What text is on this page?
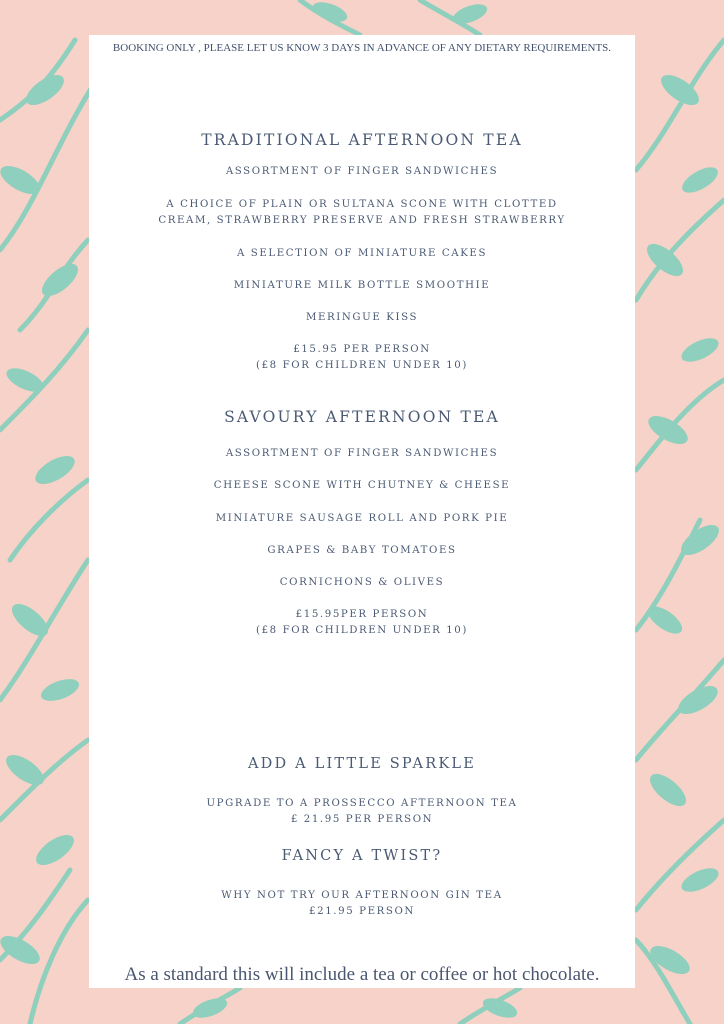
BOOKING ONLY , PLEASE LET US KNOW 3 DAYS IN ADVANCE OF ANY DIETARY REQUIREMENTS.
TRADITIONAL AFTERNOON TEA
ASSORTMENT OF FINGER SANDWICHES
A CHOICE OF PLAIN OR SULTANA SCONE WITH CLOTTED
CREAM, STRAWBERRY PRESERVE AND FRESH STRAWBERRY
A SELECTION OF MINIATURE CAKES
MINIATURE MILK BOTTLE SMOOTHIE
MERINGUE KISS
£15.95 PER PERSON
(£8 FOR CHILDREN UNDER 10)
SAVOURY AFTERNOON TEA
ASSORTMENT OF FINGER SANDWICHES
CHEESE SCONE WITH CHUTNEY & CHEESE
MINIATURE SAUSAGE ROLL AND PORK PIE
GRAPES & BABY TOMATOES
CORNICHONS & OLIVES
£15.95PER PERSON
(£8 FOR CHILDREN UNDER 10)
ADD A LITTLE SPARKLE
UPGRADE TO A PROSSECCO AFTERNOON TEA
£ 21.95 PER PERSON
FANCY A TWIST?
WHY NOT TRY OUR AFTERNOON GIN TEA
£21.95 PERSON
As a standard this will include a tea or coffee or hot chocolate.
